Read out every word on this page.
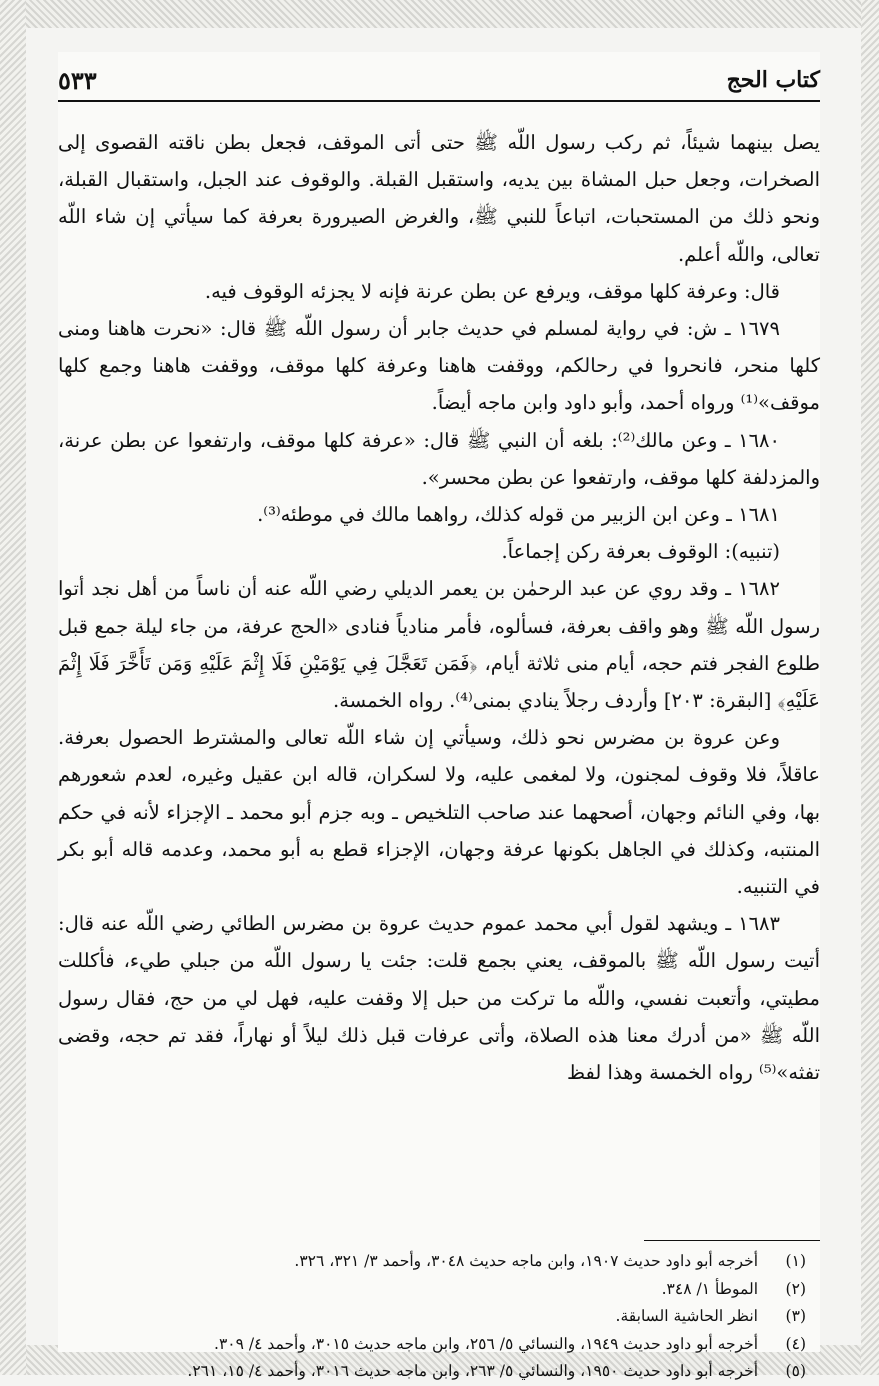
كتاب الحج
٥٣٣

يصل بينهما شيئاً، ثم ركب رسول اللّه ﷺ حتى أتى الموقف، فجعل بطن ناقته القصوى إلى الصخرات، وجعل حبل المشاة بين يديه، واستقبل القبلة. والوقوف عند الجبل، واستقبال القبلة، ونحو ذلك من المستحبات، اتباعاً للنبي ﷺ، والغرض الصيرورة بعرفة كما سيأتي إن شاء اللّه تعالى، واللّه أعلم.

قال: وعرفة كلها موقف، ويرفع عن بطن عرنة فإنه لا يجزئه الوقوف فيه.

١٦٧٩ ـ ش: في رواية لمسلم في حديث جابر أن رسول اللّه ﷺ قال: «نحرت هاهنا ومنى كلها منحر، فانحروا في رحالكم، ووقفت هاهنا وعرفة كلها موقف، ووقفت هاهنا وجمع كلها موقف»⁽¹⁾ ورواه أحمد، وأبو داود وابن ماجه أيضاً.

١٦٨٠ ـ وعن مالك⁽²⁾: بلغه أن النبي ﷺ قال: «عرفة كلها موقف، وارتفعوا عن بطن عرنة، والمزدلفة كلها موقف، وارتفعوا عن بطن محسر».

١٦٨١ ـ وعن ابن الزبير من قوله كذلك، رواهما مالك في موطئه⁽³⁾.

(تنبيه): الوقوف بعرفة ركن إجماعاً.

١٦٨٢ ـ وقد روي عن عبد الرحمٰن بن يعمر الديلي رضي اللّه عنه أن ناساً من أهل نجد أتوا رسول اللّه ﷺ وهو واقف بعرفة، فسألوه، فأمر منادياً فنادى «الحج عرفة، من جاء ليلة جمع قبل طلوع الفجر فتم حجه، أيام منى ثلاثة أيام، ﴿فَمَن تَعَجَّلَ فِي يَوْمَيْنِ فَلَا إِثْمَ عَلَيْهِ وَمَن تَأَخَّرَ فَلَا إِثْمَ عَلَيْهِ﴾ [البقرة: ٢٠٣] وأردف رجلاً ينادي بمنى⁽⁴⁾. رواه الخمسة.

وعن عروة بن مضرس نحو ذلك، وسيأتي إن شاء اللّه تعالى والمشترط الحصول بعرفة. عاقلاً، فلا وقوف لمجنون، ولا لمغمى عليه، ولا لسكران، قاله ابن عقيل وغيره، لعدم شعورهم بها، وفي النائم وجهان، أصحهما عند صاحب التلخيص ـ وبه جزم أبو محمد ـ الإجزاء لأنه في حكم المنتبه، وكذلك في الجاهل بكونها عرفة وجهان، الإجزاء قطع به أبو محمد، وعدمه قاله أبو بكر في التنبيه.

١٦٨٣ ـ ويشهد لقول أبي محمد عموم حديث عروة بن مضرس الطائي رضي اللّه عنه قال: أتيت رسول اللّه ﷺ بالموقف، يعني بجمع قلت: جئت يا رسول اللّه من جبلي طيء، فأكللت مطيتي، وأتعبت نفسي، واللّه ما تركت من حبل إلا وقفت عليه، فهل لي من حج، فقال رسول اللّه ﷺ «من أدرك معنا هذه الصلاة، وأتى عرفات قبل ذلك ليلاً أو نهاراً، فقد تم حجه، وقضى تفثه»⁽⁵⁾ رواه الخمسة وهذا لفظ

(١)
أخرجه أبو داود حديث ١٩٠٧، وابن ماجه حديث ٣٠٤٨، وأحمد ٣/ ٣٢١، ٣٢٦.
(٢)
الموطأ ١/ ٣٤٨.
(٣)
انظر الحاشية السابقة.
(٤)
أخرجه أبو داود حديث ١٩٤٩، والنسائي ٥/ ٢٥٦، وابن ماجه حديث ٣٠١٥، وأحمد ٤/ ٣٠٩.
(٥)
أخرجه أبو داود حديث ١٩٥٠، والنسائي ٥/ ٢٦٣، وابن ماجه حديث ٣٠١٦، وأحمد ٤/ ١٥، ٢٦١.
